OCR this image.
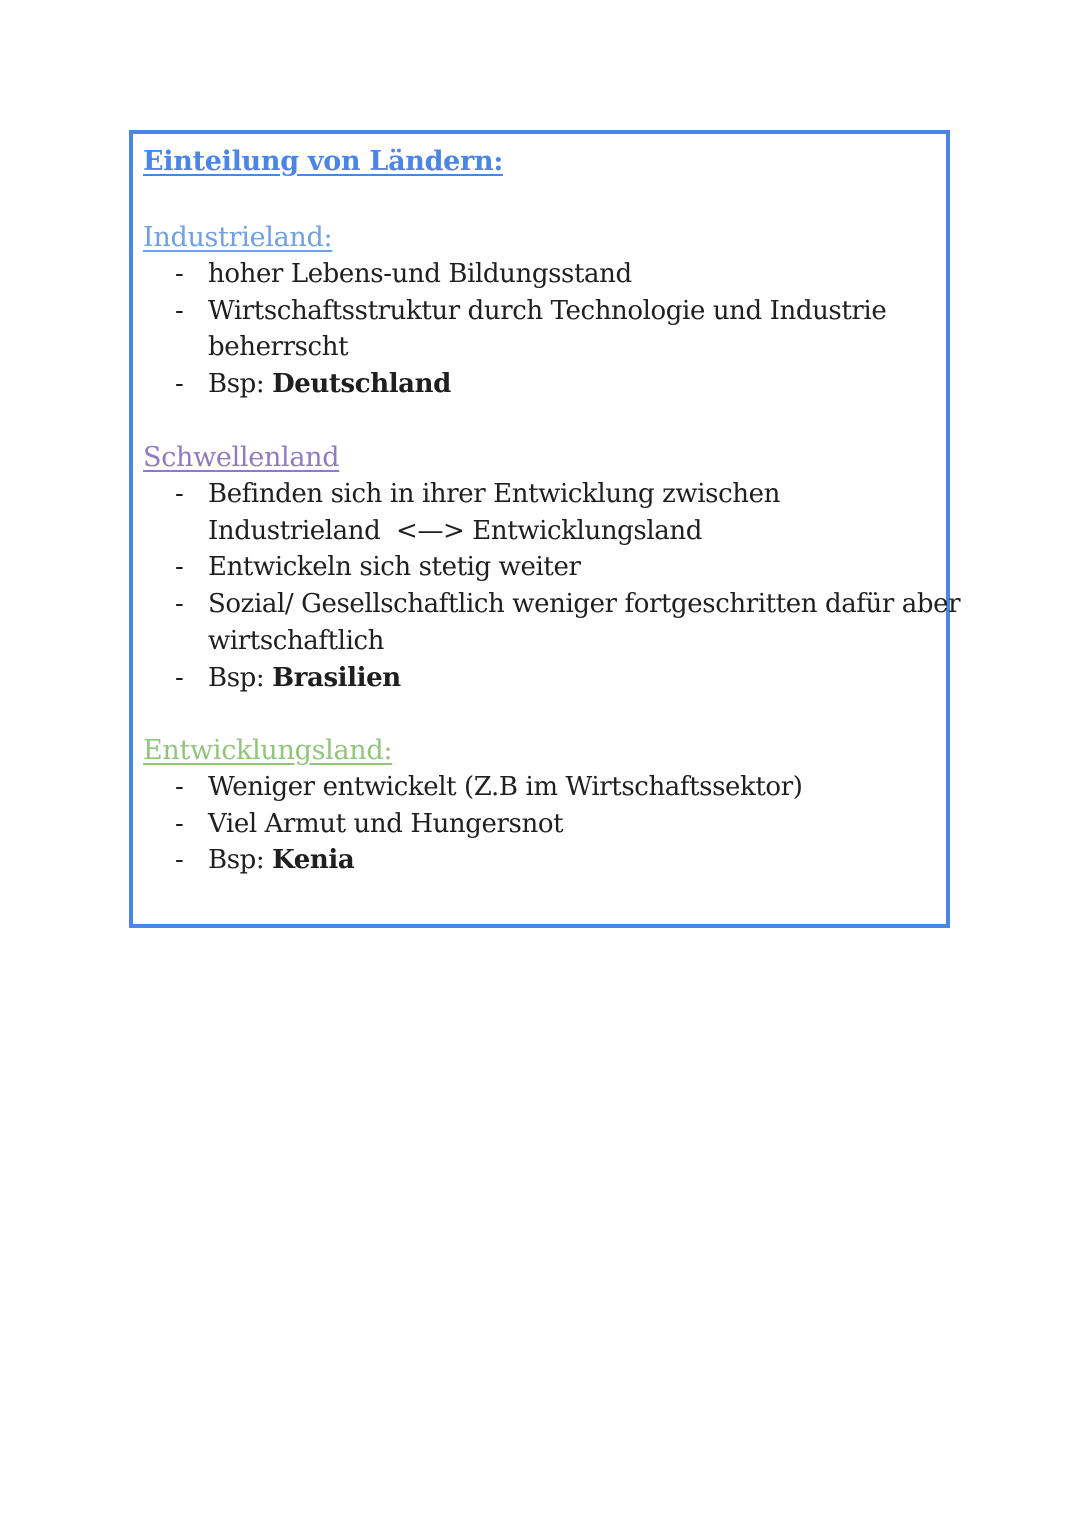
Einteilung von Ländern:
Industrieland:
- hoher Lebens-und Bildungsstand
- Wirtschaftsstruktur durch Technologie und Industrie
beherrscht
- Bsp: Deutschland
Schwellenland
- Befinden sich in ihrer Entwicklung zwischen
Industrieland  <—> Entwicklungsland
- Entwickeln sich stetig weiter
- Sozial/ Gesellschaftlich weniger fortgeschritten dafür aber
wirtschaftlich
- Bsp: Brasilien
Entwicklungsland:
- Weniger entwickelt (Z.B im Wirtschaftssektor)
- Viel Armut und Hungersnot
- Bsp: Kenia
